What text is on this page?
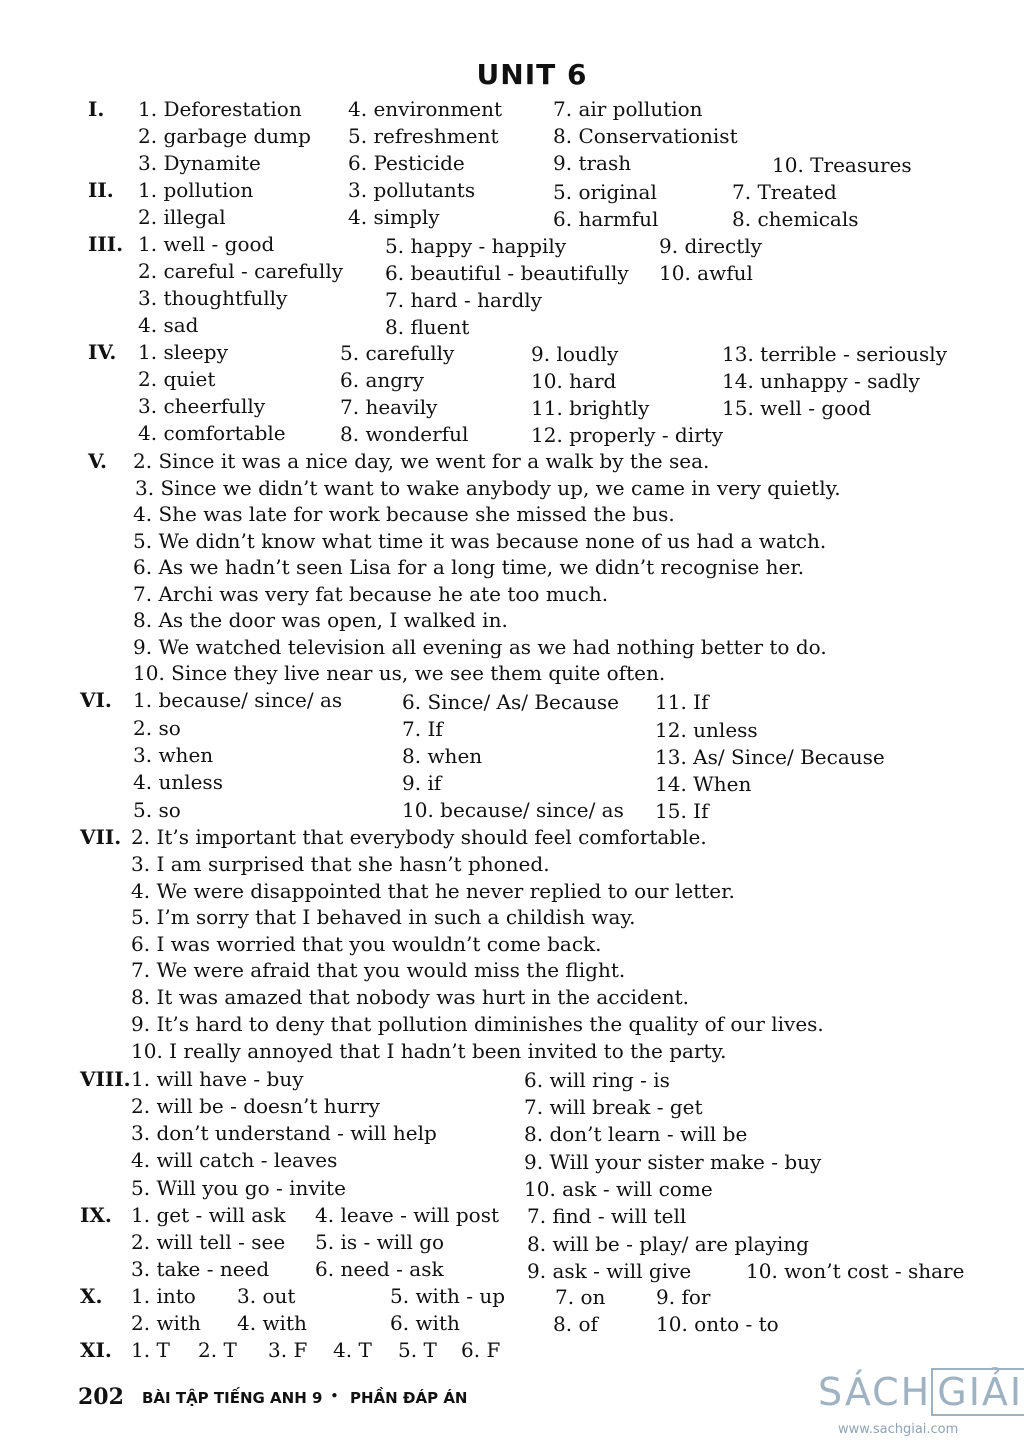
UNIT 6
I. 1. Deforestation 4. environment	7. air pollution
2. garbage dump 5. refreshment	8. Conservationist
3. Dynamite	6. Pesticide	9. trash	10. Treasures
II. 1. pollution	3. pollutants	5. original	7. Treated
2. illegal	4. simply	6. harmful	8. chemicals
III. 1. well - good	5. happy - happily	9. directly
2. careful - carefully 6. beautiful - beautifully 10. awful
3. thoughtfully	7. hard - hardly
4. sad	8. fluent
IV. 1. sleepy	5. carefully	9. loudly	13. terrible - seriously
2. quiet	6. angry	10. hard	14. unhappy - sadly
3. cheerfully	7. heavily	11. brightly	15. well - good
4. comfortable	8. wonderful	12. properly - dirty
V. 2. Since it was a nice day, we went for a walk by the sea.
3. Since we didn’t want to wake anybody up, we came in very quietly.
4. She was late for work because she missed the bus.
5. We didn’t know what time it was because none of us had a watch.
6. As we hadn’t seen Lisa for a long time, we didn’t recognise her.
7. Archi was very fat because he ate too much.
8. As the door was open, I walked in.
9. We watched television all evening as we had nothing better to do.
10. Since they live near us, we see them quite often.
VI. 1. because/ since/ as	6. Since/ As/ Because 11. If
2. so	7. If	12. unless
3. when	8. when	13. As/ Since/ Because
4. unless	9. if	14. When
5. so	10. because/ since/ as 15. If
VII. 2. It’s important that everybody should feel comfortable.
3. I am surprised that she hasn’t phoned.
4. We were disappointed that he never replied to our letter.
5. I’m sorry that I behaved in such a childish way.
6. I was worried that you wouldn’t come back.
7. We were afraid that you would miss the flight.
8. It was amazed that nobody was hurt in the accident.
9. It’s hard to deny that pollution diminishes the quality of our lives.
10. I really annoyed that I hadn’t been invited to the party.
VIII. 1. will have - buy	6. will ring - is
2. will be - doesn’t hurry	7. will break - get
3. don’t understand - will help	8. don’t learn - will be
4. will catch - leaves	9. Will your sister make - buy
5. Will you go - invite	10. ask - will come
IX. 1. get - will ask 4. leave - will post 7. find - will tell
2. will tell - see 5. is - will go	8. will be - play/ are playing
3. take - need 6. need - ask	9. ask - will give	10. won’t cost - share
X. 1. into 3. out	5. with - up 7. on	9. for
2. with 4. with	6. with	8. of	10. onto - to
XI. 1. T 2. T 3. F 4. T 5. T 6. F
202 BÀI TẬP TIẾNG ANH 9 • PHẦN ĐÁP ÁN	SÁCH GIẢI
www.sachgiai.com
